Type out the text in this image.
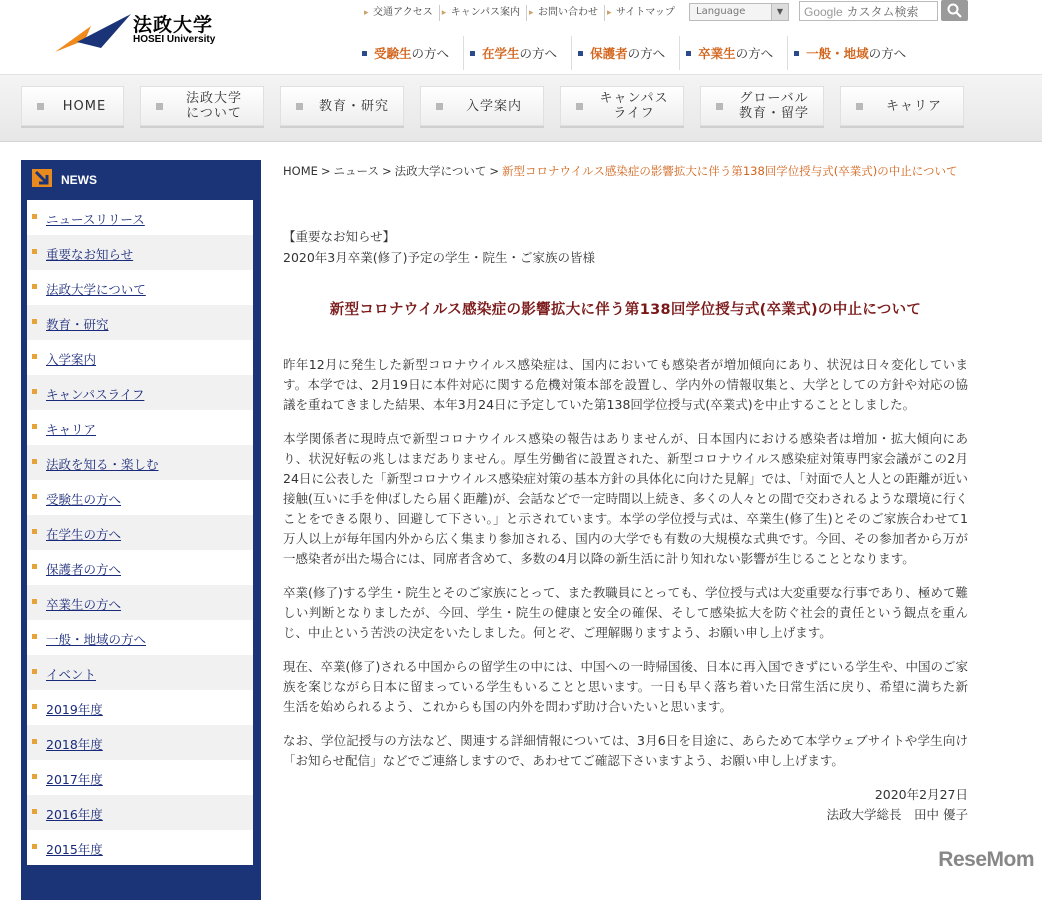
法政大学
HOSEI University
▸ 交通アクセス	▸ キャンパス案内	▸ お問い合わせ	▸ サイトマップ	Language	▼	Google カスタム検索
受験生の方へ	在学生の方へ	保護者の方へ	卒業生の方へ	一般・地域の方へ
HOME	法政大学
について	教育・研究	入学案内	キャンパス
ライフ
グローバル
教育・留学	キャリア
NEWS
ニュースリリース
重要なお知らせ
法政大学について
教育・研究
入学案内
キャンパスライフ
キャリア
法政を知る・楽しむ
受験生の方へ
在学生の方へ
保護者の方へ
卒業生の方へ
一般・地域の方へ
イベント
2019年度
2018年度
2017年度
2016年度
2015年度
HOME > ニュース > 法政大学について > 新型コロナウイルス感染症の影響拡大に伴う第138回学位授与式(卒業式)の中止について
【重要なお知らせ】
2020年3月卒業(修了)予定の学生・院生・ご家族の皆様
新型コロナウイルス感染症の影響拡大に伴う第138回学位授与式(卒業式)の中止について
昨年12月に発生した新型コロナウイルス感染症は、国内においても感染者が増加傾向にあり、状況は日々変化しています。本学では、2月19日に本件対応に関する危機対策本部を設置し、学内外の情報収集と、大学としての方針や対応の協議を重ねてきました結果、本年3月24日に予定していた第138回学位授与式(卒業式)を中止することとしました。
本学関係者に現時点で新型コロナウイルス感染の報告はありませんが、日本国内における感染者は増加・拡大傾向にあり、状況好転の兆しはまだありません。厚生労働省に設置された、新型コロナウイルス感染症対策専門家会議がこの2月24日に公表した「新型コロナウイルス感染症対策の基本方針の具体化に向けた見解」では、「対面で人と人との距離が近い接触(互いに手を伸ばしたら届く距離)が、会話などで一定時間以上続き、多くの人々との間で交わされるような環境に行くことをできる限り、回避して下さい。」と示されています。本学の学位授与式は、卒業生(修了生)とそのご家族合わせて1万人以上が毎年国内外から広く集まり参加される、国内の大学でも有数の大規模な式典です。今回、その参加者から万が一感染者が出た場合には、同席者含めて、多数の4月以降の新生活に計り知れない影響が生じることとなります。
卒業(修了)する学生・院生とそのご家族にとって、また教職員にとっても、学位授与式は大変重要な行事であり、極めて難しい判断となりましたが、今回、学生・院生の健康と安全の確保、そして感染拡大を防ぐ社会的責任という観点を重んじ、中止という苦渋の決定をいたしました。何とぞ、ご理解賜りますよう、お願い申し上げます。
現在、卒業(修了)される中国からの留学生の中には、中国への一時帰国後、日本に再入国できずにいる学生や、中国のご家族を案じながら日本に留まっている学生もいることと思います。一日も早く落ち着いた日常生活に戻り、希望に満ちた新生活を始められるよう、これからも国の内外を問わず助け合いたいと思います。
なお、学位記授与の方法など、関連する詳細情報については、3月6日を目途に、あらためて本学ウェブサイトや学生向け「お知らせ配信」などでご連絡しますので、あわせてご確認下さいますよう、お願い申し上げます。
2020年2月27日
法政大学総長　田中 優子
ReseMom
